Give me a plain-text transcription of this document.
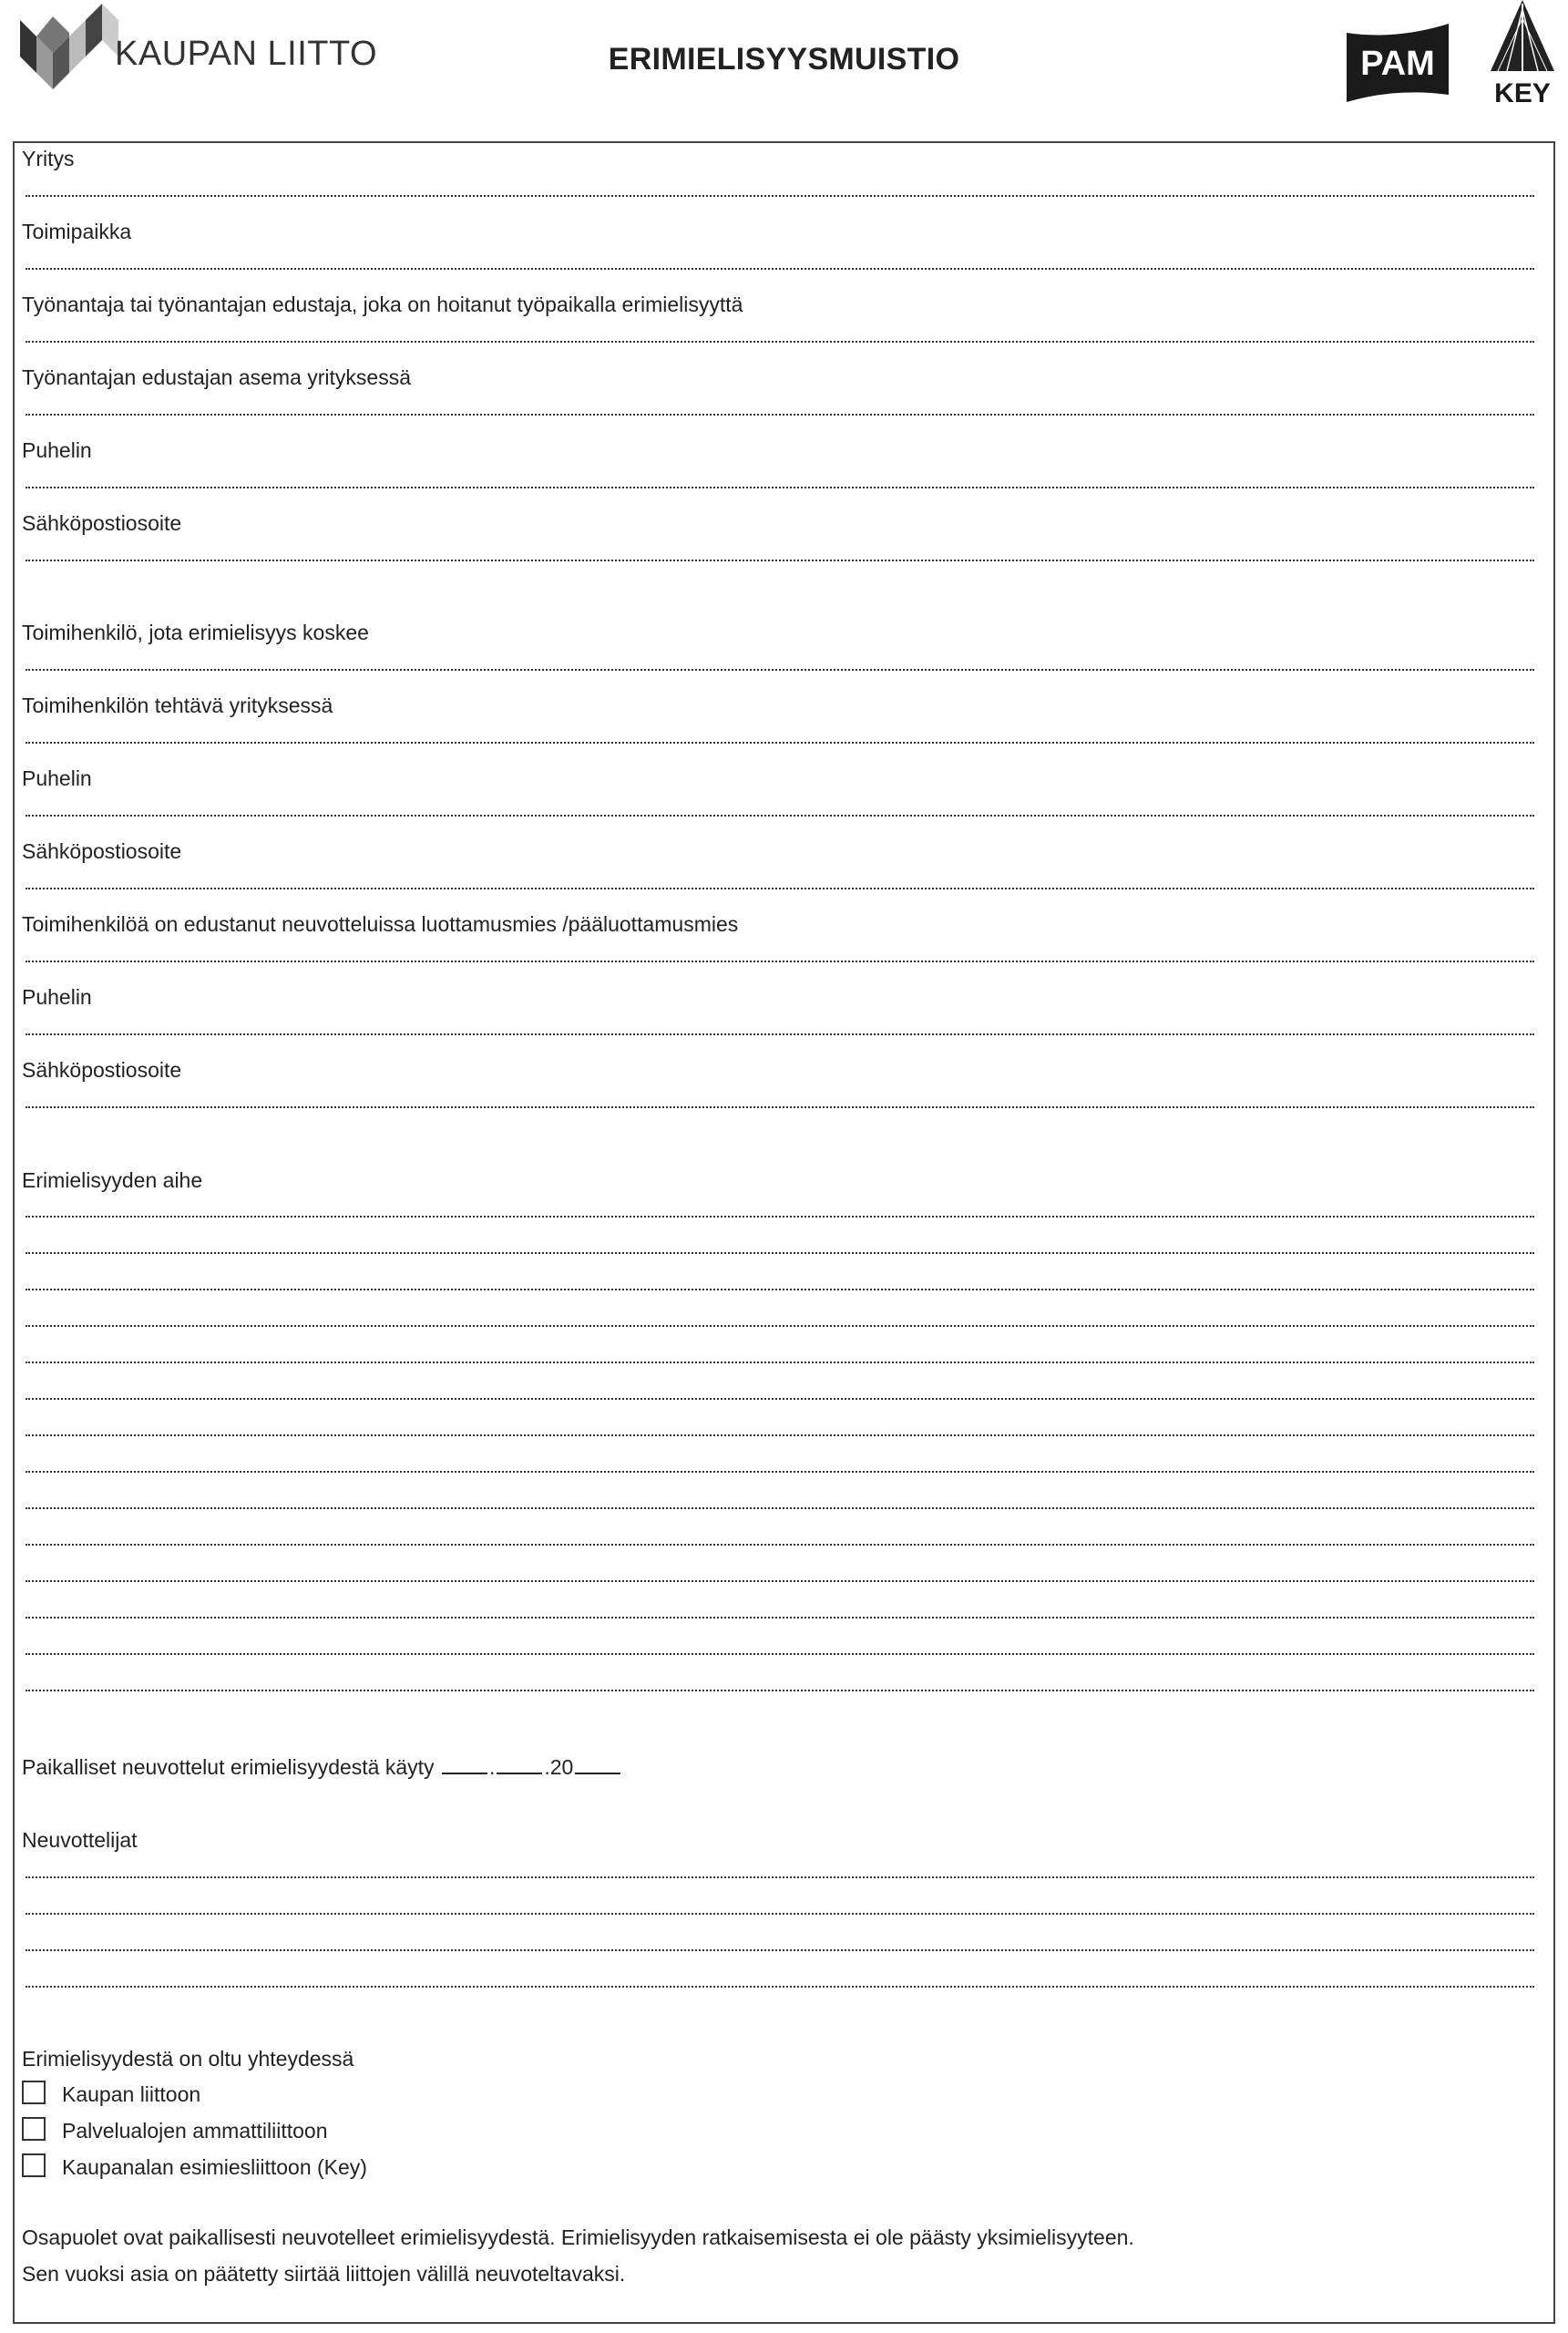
KAUPAN LIITTO	ERIMIELISYYSMUISTIO	PAM
KEY
Yritys
Toimipaikka
Työnantaja tai työnantajan edustaja, joka on hoitanut työpaikalla erimielisyyttä
Työnantajan edustajan asema yrityksessä
Puhelin
Sähköpostiosoite
Toimihenkilö, jota erimielisyys koskee
Toimihenkilön tehtävä yrityksessä
Puhelin
Sähköpostiosoite
Toimihenkilöä on edustanut neuvotteluissa luottamusmies /pääluottamusmies
Puhelin
Sähköpostiosoite
Erimielisyyden aihe
Paikalliset neuvottelut erimielisyydestä käyty	. .20
Neuvottelijat
Erimielisyydestä on oltu yhteydessä
Kaupan liittoon
Palvelualojen ammattiliittoon
Kaupanalan esimiesliittoon (Key)
Osapuolet ovat paikallisesti neuvotelleet erimielisyydestä. Erimielisyyden ratkaisemisesta ei ole päästy yksimielisyyteen.
Sen vuoksi asia on päätetty siirtää liittojen välillä neuvoteltavaksi.
